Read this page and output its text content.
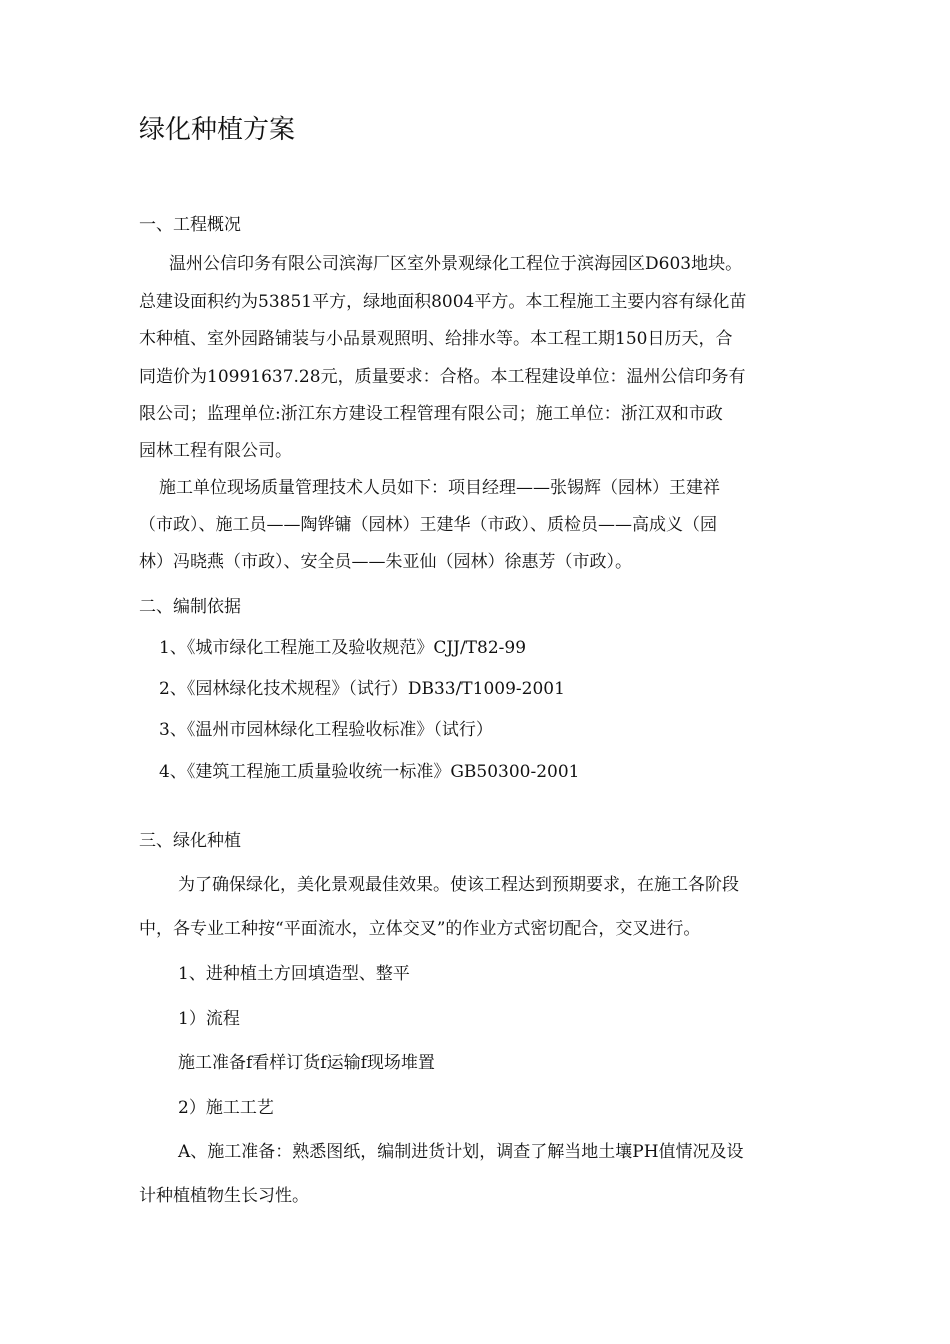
绿化种植方案

一、工程概况

温州公信印务有限公司滨海厂区室外景观绿化工程位于滨海园区D603地块。

总建设面积约为53851平方，绿地面积8004平方。本工程施工主要内容有绿化苗

木种植、室外园路铺装与小品景观照明、给排水等。本工程工期150日历天，合

同造价为10991637.28元，质量要求：合格。本工程建设单位：温州公信印务有

限公司；监理单位:浙江东方建设工程管理有限公司；施工单位：浙江双和市政

园林工程有限公司。

施工单位现场质量管理技术人员如下：项目经理——张锡辉（园林）王建祥

（市政）、施工员——陶铧镛（园林）王建华（市政）、质检员——高成义（园

林）冯晓燕（市政）、安全员——朱亚仙（园林）徐惠芳（市政）。

二、编制依据

1、《城市绿化工程施工及验收规范》CJJ/T82-99

2、《园林绿化技术规程》（试行）DB33/T1009-2001

3、《温州市园林绿化工程验收标准》（试行）

4、《建筑工程施工质量验收统一标准》GB50300-2001

三、绿化种植

为了确保绿化，美化景观最佳效果。使该工程达到预期要求，在施工各阶段

中，各专业工种按“平面流水，立体交叉”的作业方式密切配合，交叉进行。

1、进种植土方回填造型、整平

1）流程

施工准备f看样订货f运输f现场堆置

2）施工工艺

A、施工准备：熟悉图纸，编制进货计划，调查了解当地土壤PH值情况及设

计种植植物生长习性。
